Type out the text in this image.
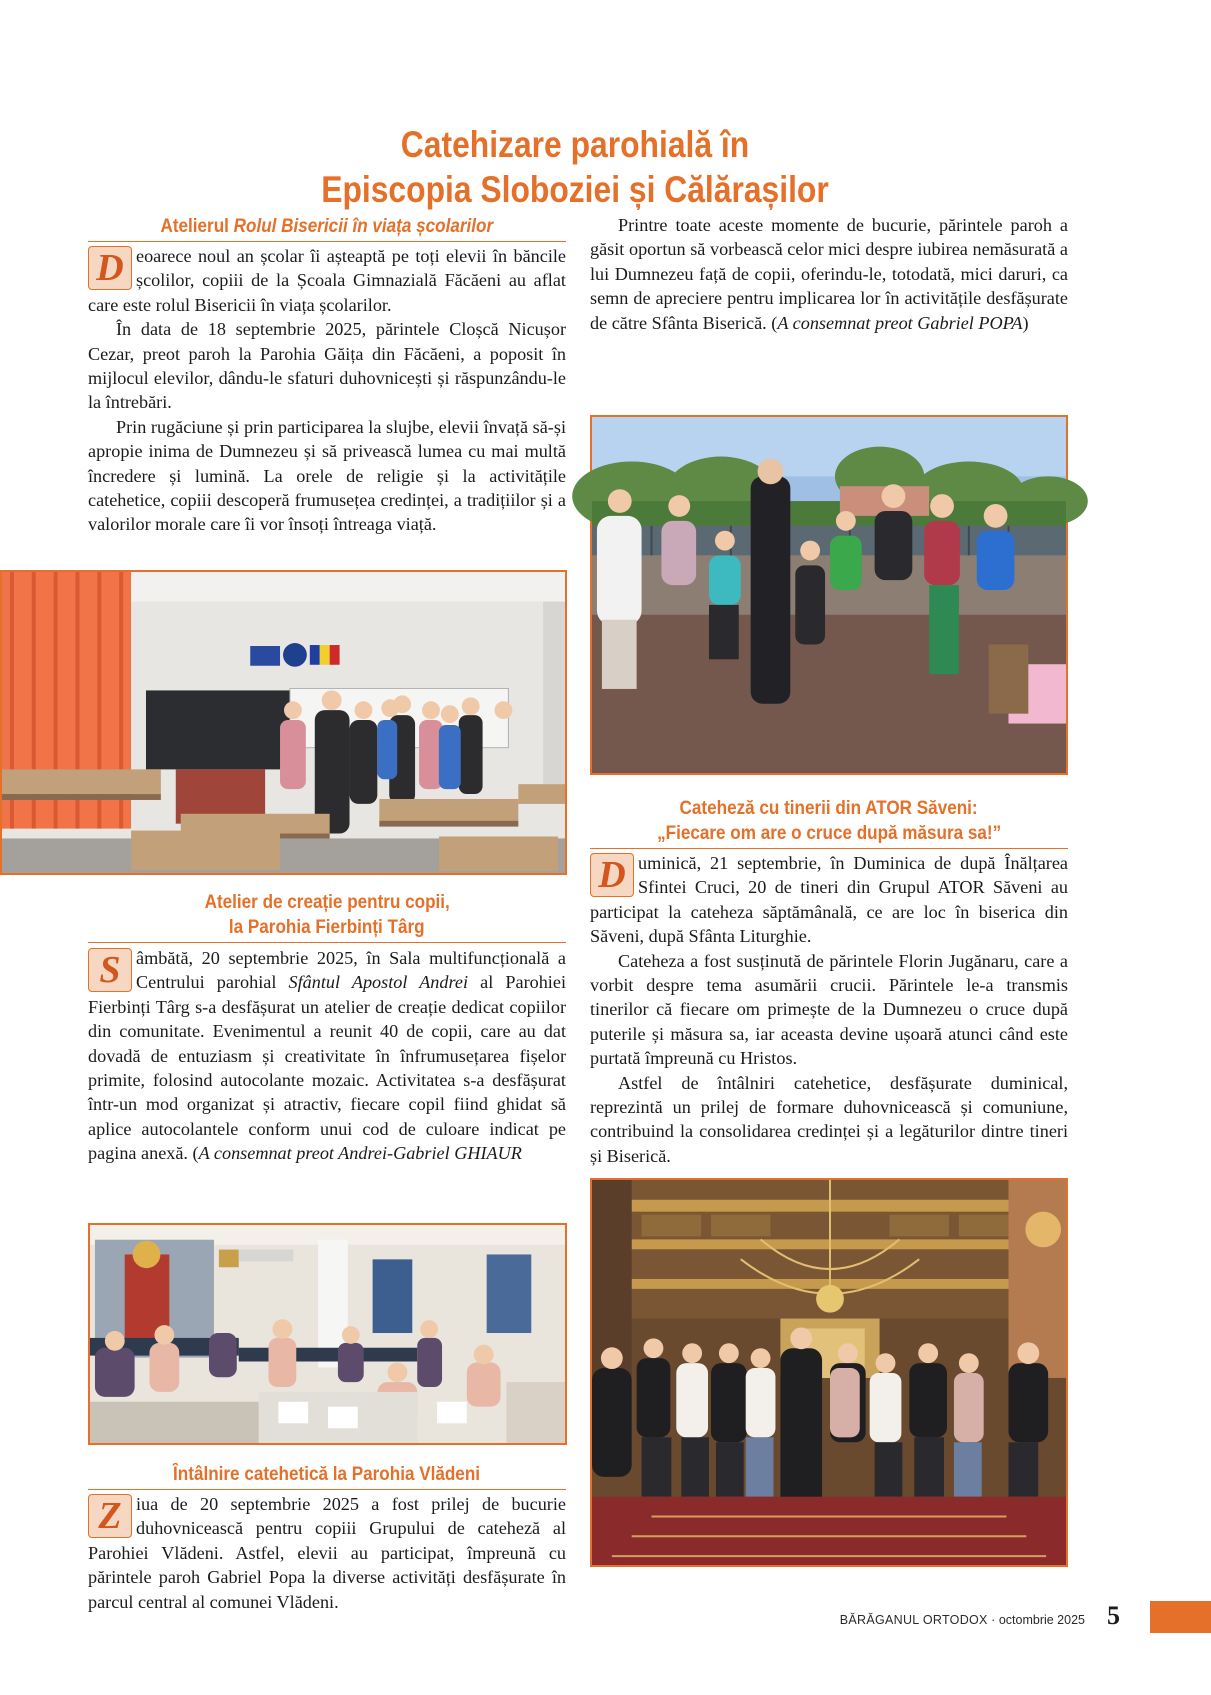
Catehizare parohială în
Episcopia Sloboziei și Călărașilor
Atelierul Rolul Bisericii în viața școlarilor
D eoarece noul an școlar îi așteaptă pe toți elevii în băncile școlilor, copiii de la Școala Gimnazială Făcăeni au aflat care este rolul Bisericii în viața școlarilor.

În data de 18 septembrie 2025, părintele Cloșcă Nicușor Cezar, preot paroh la Parohia Găița din Făcăeni, a poposit în mijlocul elevilor, dându-le sfaturi duhovnicești și răspunzându-le la întrebări.

Prin rugăciune și prin participarea la slujbe, elevii învață să-și apropie inima de Dumnezeu și să privească lumea cu mai multă încredere și lumină. La orele de religie și la activitățile catehetice, copiii descoperă frumusețea credinței, a tradițiilor și a valorilor morale care îi vor însoți întreaga viață.

Atelier de creație pentru copii,
la Parohia Fierbinți Târg
S âmbătă, 20 septembrie 2025, în Sala multifuncțională a Centrului parohial Sfântul Apostol Andrei al Parohiei Fierbinți Târg s-a desfășurat un atelier de creație dedicat copiilor din comunitate. Evenimentul a reunit 40 de copii, care au dat dovadă de entuziasm și creativitate în înfrumusețarea fișelor primite, folosind autocolante mozaic. Activitatea s-a desfășurat într-un mod organizat și atractiv, fiecare copil fiind ghidat să aplice autocolantele conform unui cod de culoare indicat pe pagina anexă. (A consemnat preot Andrei-Gabriel GHIAUR

Întâlnire catehetică la Parohia Vlădeni
Z iua de 20 septembrie 2025 a fost prilej de bucurie duhovnicească pentru copiii Grupului de cateheză al Parohiei Vlădeni. Astfel, elevii au participat, împreună cu părintele paroh Gabriel Popa la diverse activități desfășurate în parcul central al comunei Vlădeni.

Printre toate aceste momente de bucurie, părintele paroh a găsit oportun să vorbească celor mici despre iubirea nemăsurată a lui Dumnezeu față de copii, oferindu-le, totodată, mici daruri, ca semn de apreciere pentru implicarea lor în activitățile desfășurate de către Sfânta Biserică. (A consemnat preot Gabriel POPA)

Cateheză cu tinerii din ATOR Săveni:
„Fiecare om are o cruce după măsura sa!”
D uminică, 21 septembrie, în Duminica de după Înălțarea Sfintei Cruci, 20 de tineri din Grupul ATOR Săveni au participat la cateheza săptămânală, ce are loc în biserica din Săveni, după Sfânta Liturghie.

Cateheza a fost susținută de părintele Florin Jugănaru, care a vorbit despre tema asumării crucii. Părintele le-a transmis tinerilor că fiecare om primește de la Dumnezeu o cruce după puterile și măsura sa, iar aceasta devine ușoară atunci când este purtată împreună cu Hristos.

Astfel de întâlniri catehetice, desfășurate duminical, reprezintă un prilej de formare duhovnicească și comuniune, contribuind la consolidarea credinței și a legăturilor dintre tineri și Biserică.

BĂRĂGANUL ORTODOX · octombrie 2025 5
